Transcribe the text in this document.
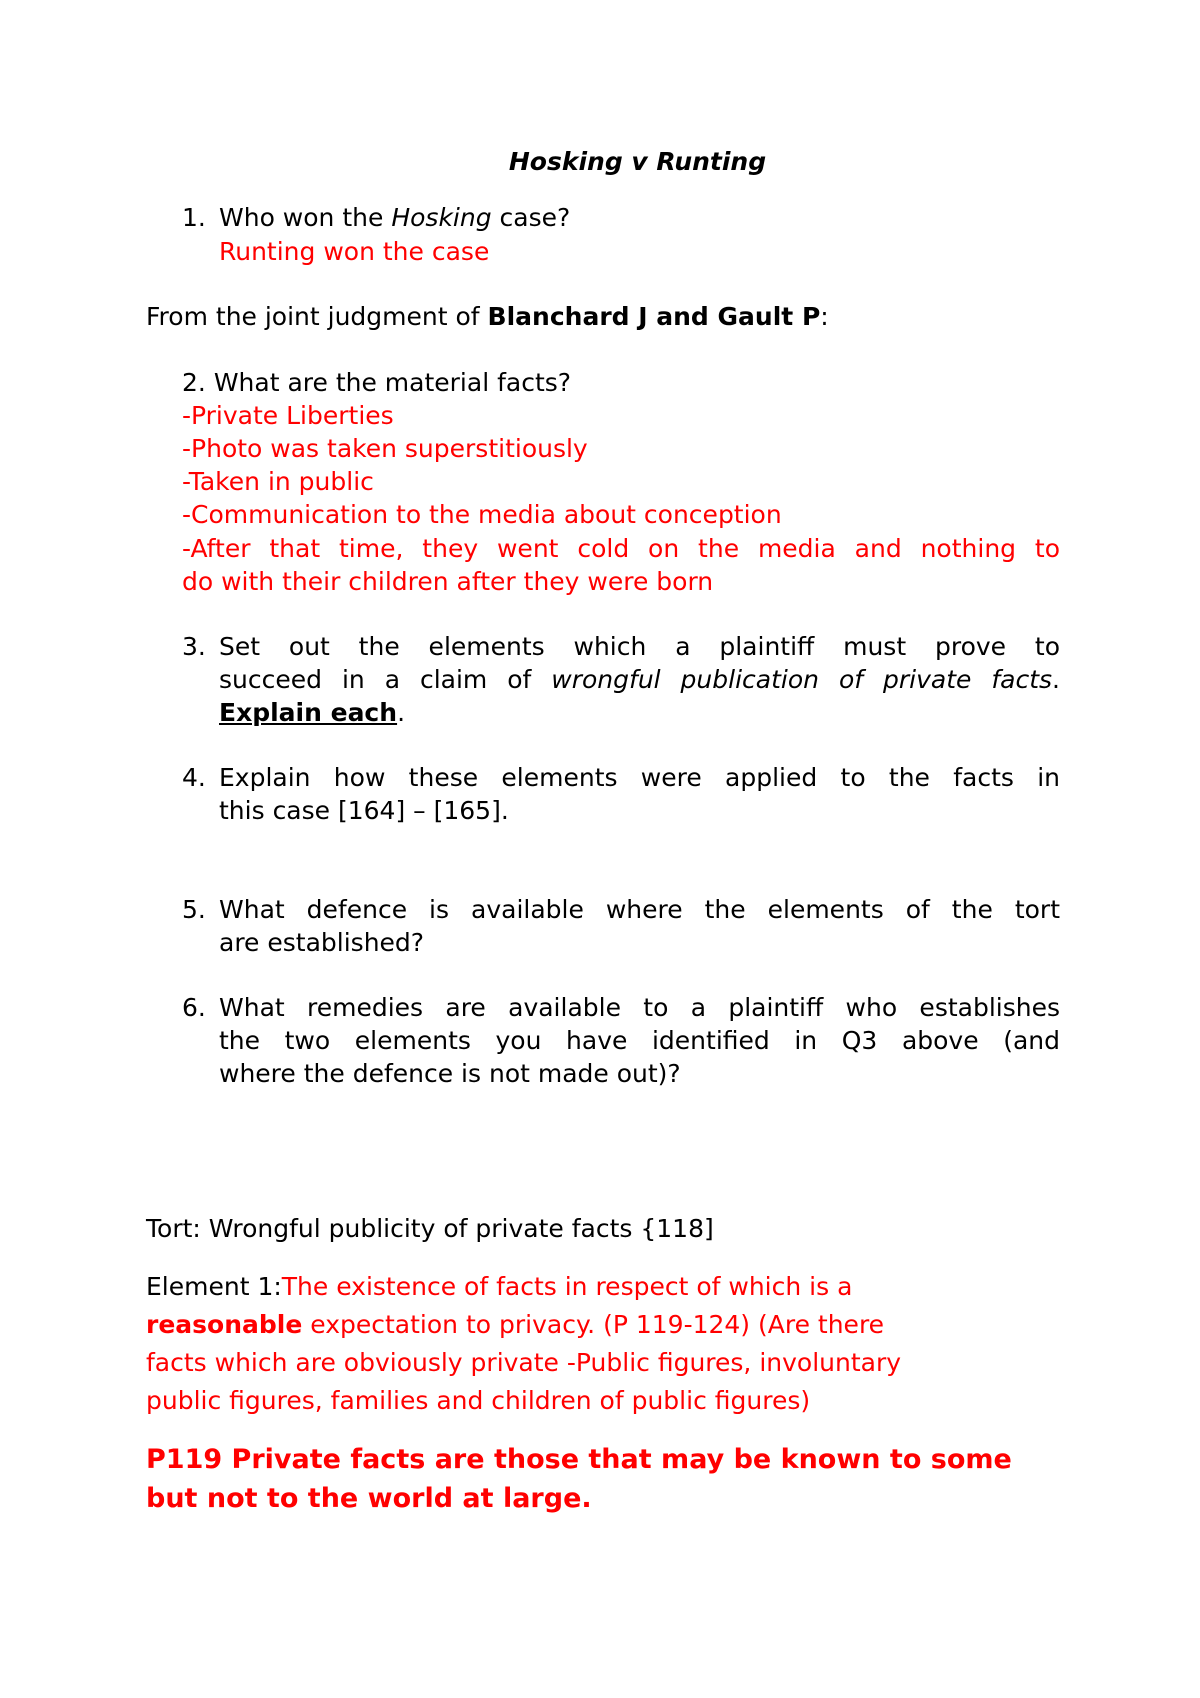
Hosking v Runting
1. Who won the Hosking case?
Runting won the case
From the joint judgment of Blanchard J and Gault P:
2. What are the material facts?
-Private Liberties
-Photo was taken superstitiously
-Taken in public
-Communication to the media about conception
-After that time, they went cold on the media and nothing to
do with their children after they were born
3. Set out the elements which a plaintiff must prove to
succeed in a claim of wrongful publication of private facts.
Explain each.
4. Explain how these elements were applied to the facts in
this case [164] – [165].
5. What defence is available where the elements of the tort
are established?
6. What remedies are available to a plaintiff who establishes
the two elements you have identified in Q3 above (and
where the defence is not made out)?
Tort: Wrongful publicity of private facts {118]
Element 1:The existence of facts in respect of which is a
reasonable expectation to privacy. (P 119-124) (Are there
facts which are obviously private -Public figures, involuntary
public figures, families and children of public figures)
P119 Private facts are those that may be known to some
but not to the world at large.
